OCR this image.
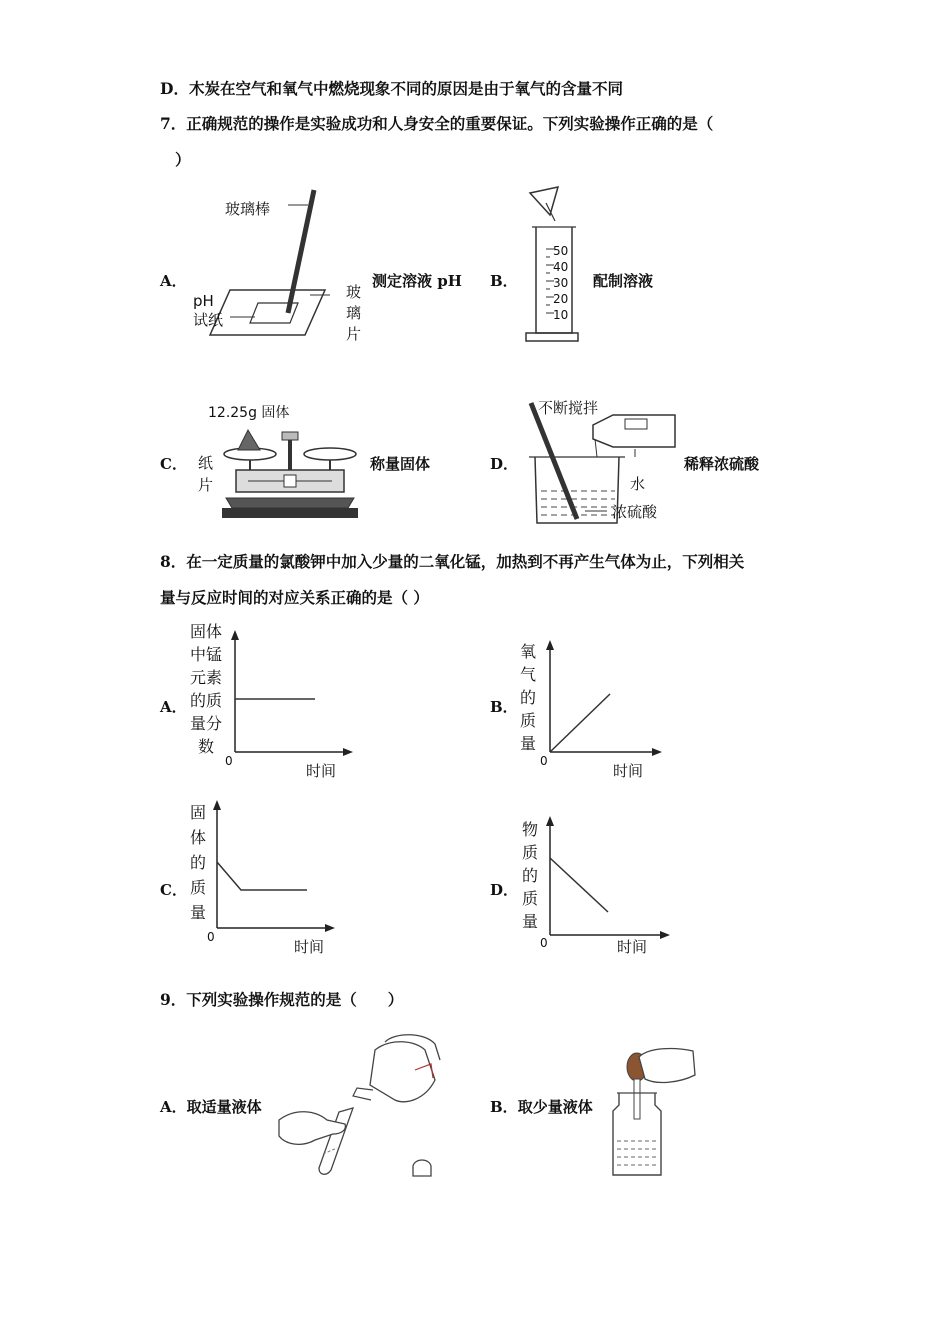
D．木炭在空气和氧气中燃烧现象不同的原因是由于氧气的含量不同
7．正确规范的操作是实验成功和人身安全的重要保证。下列实验操作正确的是（
）
A．
玻璃棒
pH
试纸
玻
璃
片
测定溶液 pH B．
50
40
30
20
10
配制溶液
C．
12.25g 固体
纸
片
称量固体	D．
不断搅拌
水
浓硫酸
稀释浓硫酸
8．在一定质量的氯酸钾中加入少量的二氧化锰，加热到不再产生气体为止，下列相关
量与反应时间的对应关系正确的是（ ）
A．
固体
中锰
元素
的质
量分
数
0
时间
B．
氧
气
的
质
量
0
时间
C．
固
体
的
质
量
0
时间
D．
物
质
的
质
量
0	时间
9．下列实验操作规范的是（　　）
A．取适量液体	B．取少量液体
